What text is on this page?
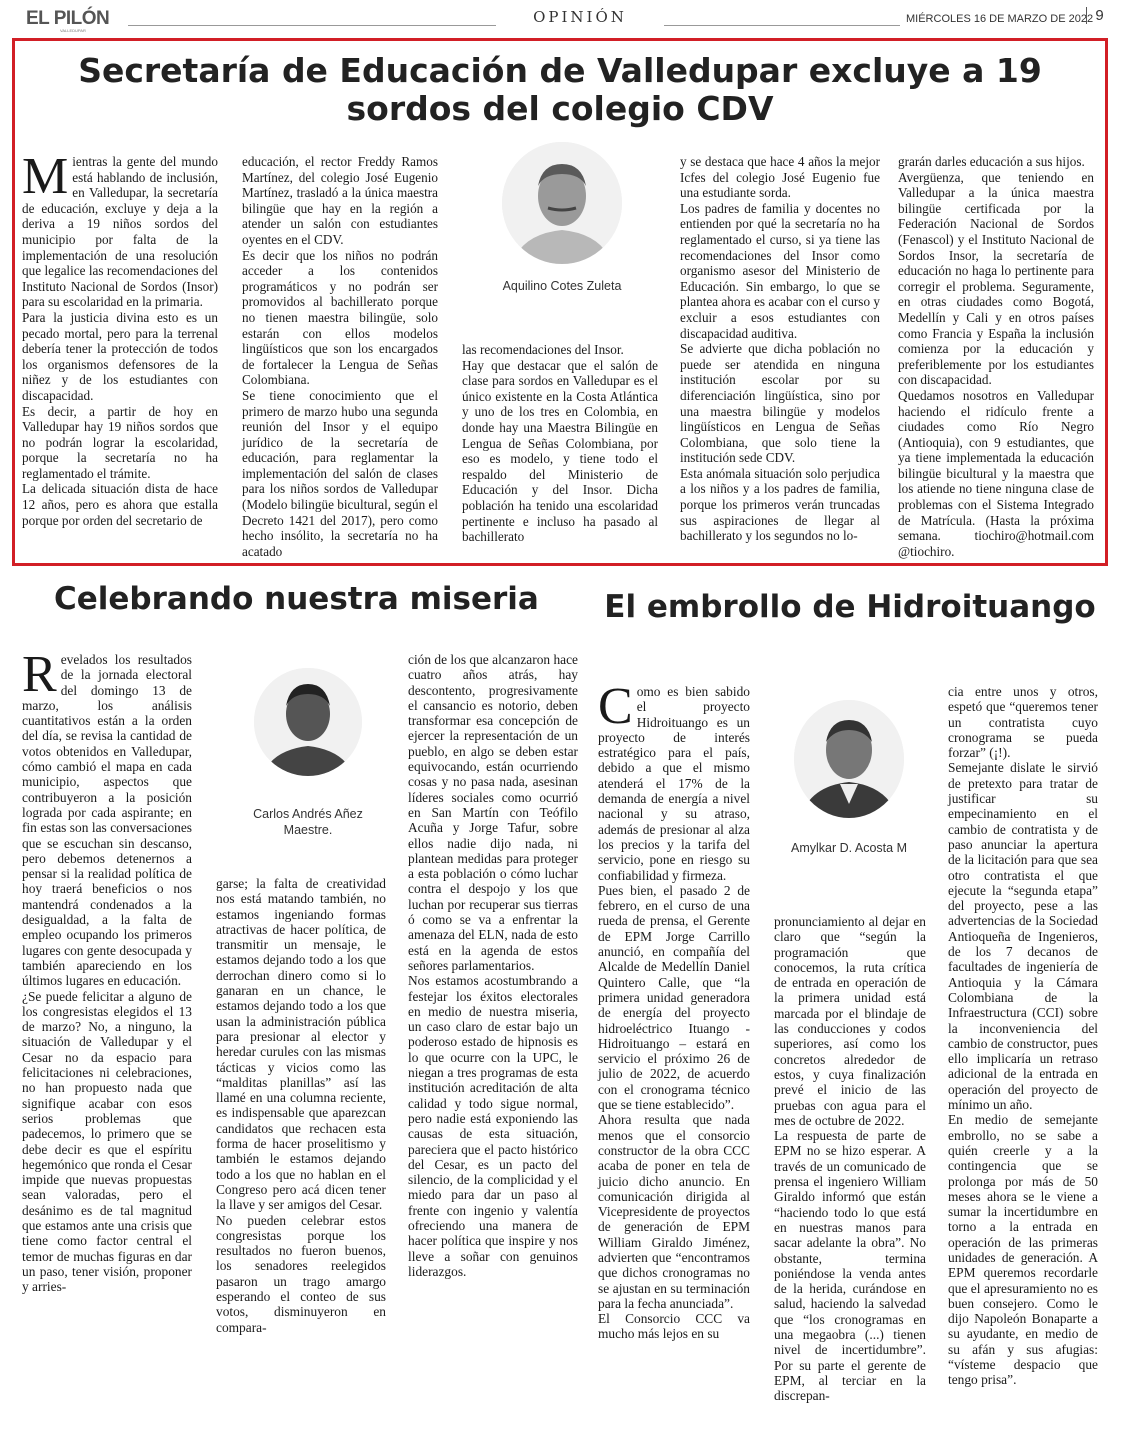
EL PILÓN
VALLEDUPAR
OPINIÓN	MIÉRCOLES 16 DE MARZO DE 2022 9
Secretaría de Educación de Valledupar excluye a 19 sordos del colegio CDV
M ientras la gente del mundo está hablando de inclusión, en Valledupar, la secretaría de educación, excluye y deja a la deriva a 19 niños sordos del municipio por falta de la implementación de una resolución que legalice las recomendaciones del Instituto Nacional de Sordos (Insor) para su escolaridad en la primaria.

Para la justicia divina esto es un pecado mortal, pero para la terrenal debería tener la protección de todos los organismos defensores de la niñez y de los estudiantes con discapacidad.

Es decir, a partir de hoy en Valledupar hay 19 niños sordos que no podrán lograr la escolaridad, porque la secretaría no ha reglamentado el trámite.

La delicada situación dista de hace 12 años, pero es ahora que estalla porque por orden del secretario de

educación, el rector Freddy Ramos Martínez, del colegio José Eugenio Martínez, trasladó a la única maestra bilingüe que hay en la región a atender un salón con estudiantes oyentes en el CDV.

Es decir que los niños no podrán acceder a los contenidos programáticos y no podrán ser promovidos al bachillerato porque no tienen maestra bilingüe, solo estarán con ellos modelos lingüísticos que son los encargados de fortalecer la Lengua de Señas Colombiana.

Se tiene conocimiento que el primero de marzo hubo una segunda reunión del Insor y el equipo jurídico de la secretaría de educación, para reglamentar la implementación del salón de clases para los niños sordos de Valledupar (Modelo bilingüe bicultural, según el Decreto 1421 del 2017), pero como hecho insólito, la secretaría no ha acatado

Aquilino Cotes Zuleta

las recomendaciones del Insor.

Hay que destacar que el salón de clase para sordos en Valledupar es el único existente en la Costa Atlántica y uno de los tres en Colombia, en donde hay una Maestra Bilingüe en Lengua de Señas Colombiana, por eso es modelo, y tiene todo el respaldo del Ministerio de Educación y del Insor. Dicha población ha tenido una escolaridad pertinente e incluso ha pasado al bachillerato

y se destaca que hace 4 años la mejor Icfes del colegio José Eugenio fue una estudiante sorda.

Los padres de familia y docentes no entienden por qué la secretaría no ha reglamentado el curso, si ya tiene las recomendaciones del Insor como organismo asesor del Ministerio de Educación. Sin embargo, lo que se plantea ahora es acabar con el curso y excluir a esos estudiantes con discapacidad auditiva.

Se advierte que dicha población no puede ser atendida en ninguna institución escolar por su diferenciación lingüística, sino por una maestra bilingüe y modelos lingüísticos en Lengua de Señas Colombiana, que solo tiene la institución sede CDV.

Esta anómala situación solo perjudica a los niños y a los padres de familia, porque los primeros verán truncadas sus aspiraciones de llegar al bachillerato y los segundos no lo-

grarán darles educación a sus hijos.

Avergüenza, que teniendo en Valledupar a la única maestra bilingüe certificada por la Federación Nacional de Sordos (Fenascol) y el Instituto Nacional de Sordos Insor, la secretaría de educación no haga lo pertinente para corregir el problema. Seguramente, en otras ciudades como Bogotá, Medellín y Cali y en otros países como Francia y España la inclusión comienza por la educación y preferiblemente por los estudiantes con discapacidad.

Quedamos nosotros en Valledupar haciendo el ridículo frente a ciudades como Río Negro (Antioquia), con 9 estudiantes, que ya tiene implementada la educación bilingüe bicultural y la maestra que los atiende no tiene ninguna clase de problemas con el Sistema Integrado de Matrícula. (Hasta la próxima semana. tiochiro@hotmail.com @tiochiro.

Celebrando nuestra miseria
R evelados los resultados de la jornada electoral del domingo 13 de marzo, los análisis cuantitativos están a la orden del día, se revisa la cantidad de votos obtenidos en Valledupar, cómo cambió el mapa en cada municipio, aspectos que contribuyeron a la posición lograda por cada aspirante; en fin estas son las conversaciones que se escuchan sin descanso, pero debemos detenernos a pensar si la realidad política de hoy traerá beneficios o nos mantendrá condenados a la desigualdad, a la falta de empleo ocupando los primeros lugares con gente desocupada y también apareciendo en los últimos lugares en educación.

¿Se puede felicitar a alguno de los congresistas elegidos el 13 de marzo? No, a ninguno, la situación de Valledupar y el Cesar no da espacio para felicitaciones ni celebraciones, no han propuesto nada que signifique acabar con esos serios problemas que padecemos, lo primero que se debe decir es que el espíritu hegemónico que ronda el Cesar impide que nuevas propuestas sean valoradas, pero el desánimo es de tal magnitud que estamos ante una crisis que tiene como factor central el temor de muchas figuras en dar un paso, tener visión, proponer y arries-

Carlos Andrés Añez
Maestre.

garse; la falta de creatividad nos está matando también, no estamos ingeniando formas atractivas de hacer política, de transmitir un mensaje, le estamos dejando todo a los que derrochan dinero como si lo ganaran en un chance, le estamos dejando todo a los que usan la administración pública para presionar al elector y heredar curules con las mismas tácticas y vicios como las “malditas planillas” así las llamé en una columna reciente, es indispensable que aparezcan candidatos que rechacen esta forma de hacer proselitismo y también le estamos dejando todo a los que no hablan en el Congreso pero acá dicen tener la llave y ser amigos del Cesar.

No pueden celebrar estos congresistas porque los resultados no fueron buenos, los senadores reelegidos pasaron un trago amargo esperando el conteo de sus votos, disminuyeron en compara-

ción de los que alcanzaron hace cuatro años atrás, hay descontento, progresivamente el cansancio es notorio, deben transformar esa concepción de ejercer la representación de un pueblo, en algo se deben estar equivocando, están ocurriendo cosas y no pasa nada, asesinan líderes sociales como ocurrió en San Martín con Teófilo Acuña y Jorge Tafur, sobre ellos nadie dijo nada, ni plantean medidas para proteger a esta población o cómo luchar contra el despojo y los que luchan por recuperar sus tierras ó como se va a enfrentar la amenaza del ELN, nada de esto está en la agenda de estos señores parlamentarios.

Nos estamos acostumbrando a festejar los éxitos electorales en medio de nuestra miseria, un caso claro de estar bajo un poderoso estado de hipnosis es lo que ocurre con la UPC, le niegan a tres programas de esta institución acreditación de alta calidad y todo sigue normal, pero nadie está exponiendo las causas de esta situación, pareciera que el pacto histórico del Cesar, es un pacto del silencio, de la complicidad y el miedo para dar un paso al frente con ingenio y valentía ofreciendo una manera de hacer política que inspire y nos lleve a soñar con genuinos liderazgos.

El embrollo de Hidroituango
C omo es bien sabido el proyecto Hidroituango es un proyecto de interés estratégico para el país, debido a que el mismo atenderá el 17% de la demanda de energía a nivel nacional y su atraso, además de presionar al alza los precios y la tarifa del servicio, pone en riesgo su confiabilidad y firmeza.

Pues bien, el pasado 2 de febrero, en el curso de una rueda de prensa, el Gerente de EPM Jorge Carrillo anunció, en compañía del Alcalde de Medellín Daniel Quintero Calle, que “la primera unidad generadora de energía del proyecto hidroeléctrico Ituango - Hidroituango – estará en servicio el próximo 26 de julio de 2022, de acuerdo con el cronograma técnico que se tiene establecido”.

Ahora resulta que nada menos que el consorcio constructor de la obra CCC acaba de poner en tela de juicio dicho anuncio. En comunicación dirigida al Vicepresidente de proyectos de generación de EPM William Giraldo Jiménez, advierten que “encontramos que dichos cronogramas no se ajustan en su terminación para la fecha anunciada”.

El Consorcio CCC va mucho más lejos en su

Amylkar D. Acosta M

pronunciamiento al dejar en claro que “según la programación que conocemos, la ruta crítica de entrada en operación de la primera unidad está marcada por el blindaje de las conducciones y codos superiores, así como los concretos alrededor de estos, y cuya finalización prevé el inicio de las pruebas con agua para el mes de octubre de 2022.

La respuesta de parte de EPM no se hizo esperar. A través de un comunicado de prensa el ingeniero William Giraldo informó que están “haciendo todo lo que está en nuestras manos para sacar adelante la obra”. No obstante, termina poniéndose la venda antes de la herida, curándose en salud, haciendo la salvedad que “los cronogramas en una megaobra (...) tienen nivel de incertidumbre”. Por su parte el gerente de EPM, al terciar en la discrepan-

cia entre unos y otros, espetó que “queremos tener un contratista cuyo cronograma se pueda forzar” (¡!).

Semejante dislate le sirvió de pretexto para tratar de justificar su empecinamiento en el cambio de contratista y de paso anunciar la apertura de la licitación para que sea otro contratista el que ejecute la “segunda etapa” del proyecto, pese a las advertencias de la Sociedad Antioqueña de Ingenieros, de los 7 decanos de facultades de ingeniería de Antioquia y la Cámara Colombiana de la Infraestructura (CCI) sobre la inconveniencia del cambio de constructor, pues ello implicaría un retraso adicional de la entrada en operación del proyecto de mínimo un año.

En medio de semejante embrollo, no se sabe a quién creerle y a la contingencia que se prolonga por más de 50 meses ahora se le viene a sumar la incertidumbre en torno a la entrada en operación de las primeras unidades de generación. A EPM queremos recordarle que el apresuramiento no es buen consejero. Como le dijo Napoleón Bonaparte a su ayudante, en medio de su afán y sus afugias: “vísteme despacio que tengo prisa”.
